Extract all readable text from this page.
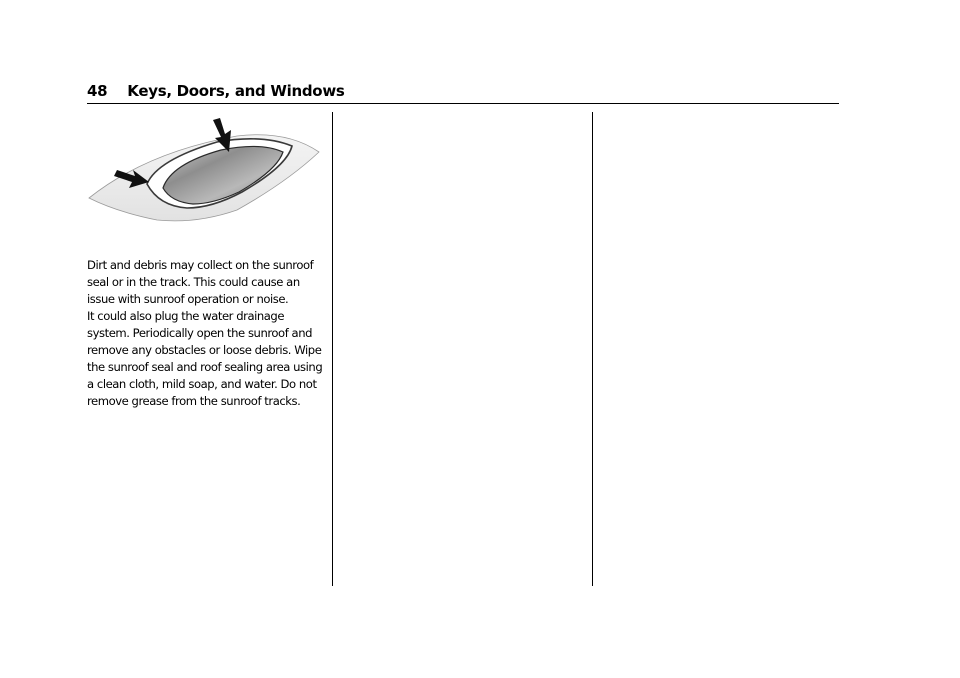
48 Keys, Doors, and Windows
Dirt and debris may collect on the sunroof
seal or in the track. This could cause an
issue with sunroof operation or noise.
It could also plug the water drainage
system. Periodically open the sunroof and
remove any obstacles or loose debris. Wipe
the sunroof seal and roof sealing area using
a clean cloth, mild soap, and water. Do not
remove grease from the sunroof tracks.
